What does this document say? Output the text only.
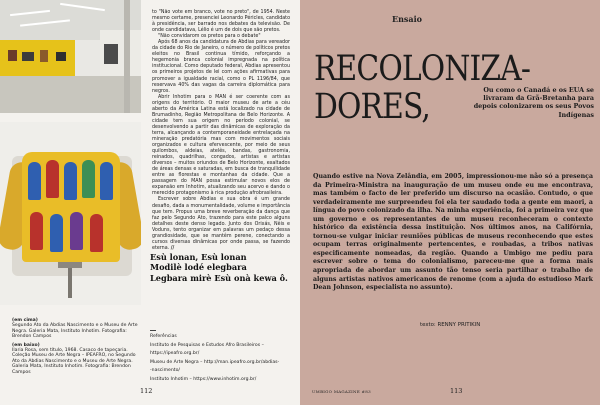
(em cima)
Segundo Ato da Abdias Nascimento e o Museu de Arte Negra. Galeria Mata, Instituto Inhotim. Fotografia: Brendon Campos

(em baixo)
Ilaria Rosa, sem título, 1968. Casaco de tapeçaria. Coleção Museu de Arte Negra – IPEAFRO, no Segundo Ato da Abdias Nascimento e o Museu de Arte Negra. Galeria Mata, Instituto Inhotim. Fotografia: Brendon Campos

to "Não vote em branco, vote no preto", de 1954. Neste mesmo certame, presenciei Leonardo Péricles, candidato à presidência, ser barrado nos debates da televisão. De onde candidatava, Lélio é um de dois que são pretos.

"Não convidarom os pretos para o debate"

Após 68 anos da candidatura de Abdias para vereador da cidade do Rio de Janeiro, o número de políticos pretos eleitos no Brasil continua tímido, reforçando a hegemonia branca colonial impregnada na política institucional. Como deputado federal, Abdias apresentou os primeiros projetos de lei com ações afirmativas para promover a igualdade racial, como o PL 1196/84, que reservava 40% das vagas da carreira diplomática para negros.

Abrir Inhotim para o MAN é ser coerente com as origens do território. O maior museu de arte a céu aberto da América Latina está localizado na cidade de Brumadinho, Região Metropolitana de Belo Horizonte. A cidade tem sua origem no período colonial, se desenvolvendo a partir das dinâmicas de exploração da terra, alcançando a contemporaneidade entrelaçada na mineração predatória mas com movimentos sociais organizados e cultura efervescente, por meio de seus quilombos, aldeias, atelês, bandas, gastronomia, reinados, quadrilhas, congados, artistas e artistas diversos – muitos oriundos de Belo Horizonte, exaltados de áreas densas e saturadas, em busca de tranquilidade entre as florestas e montanhas da cidade. Que a passagem do MAN possa estimular novos elos de expansão em Inhotim, atualizando seu acervo e dando o merecido protagonismo à rica produção afrobrasileira.

Escrever sobre Abdias e sua obra é um grande desafio, dada a monumentalidade, volume e importância que tem. Propus uma breve reverberação da dança que faz pelo Segundo Ato, trazendo para este palco alguns detalhes deste denso legado. Junto dos Orixás, Nêis e Voduns, tento organizar em palavras um pedaço dessa grandiosidade, que se mantêm perene, conectando a cursos diversas dinâmicas por onde passa, se fazendo eterna. //

Esù lonan, Esù lonan
Modilè lodé elegbara
Legbara mirè Esù onà kewa ô.
Referências
Instituto de Pesquisas e Estudos Afro Brasileiros –
https://ipeafro.org.br/
Museu de Arte Negra – http://man.ipeafro.org.br/abdias-
-nascimento/
Instituto Inhotim – https://www.inhotim.org.br/
112
Ensaio
RECOLONIZA-
DORES,	Ou como o Canadá e os EUA se livraram da Grã-Bretanha para depois colonizarem os seus Povos Indígenas
Quando estive na Nova Zelândia, em 2005, impressionou-me não só a presença da Primeira-Ministra na inauguração de um museu onde eu me encontrava, mas também o facto de ler preferido um discurso na ocasião. Contudo, o que verdadeiramente me surpreendeu foi ela ter saudado toda a gente em maori, a língua do povo colonizado da ilha. Na minha experiência, foi a primeira vez que um governo e os representantes de um museu reconheceram o contexto histórico da existência dessa instituição. Nos últimos anos, na Califórnia, tornou-se vulgar iniciar reuniões públicas de museus reconhecendo que estes ocupam terras originalmente pertencentes, e roubadas, a tribos nativas especificamente nomeadas, da região. Quando a Umbigo me pediu para escrever sobre o tema do colonialismo, pareceu-me que a forma mais apropriada de abordar um assunto tão tenso seria partilhar o trabalho de alguns artistas nativos americanos de renome (com a ajuda do estudioso Mark Dean Johnson, especialista no assunto).
texto: RENNY PRITIKIN
UMBIGO MAGAZINE #83	113
